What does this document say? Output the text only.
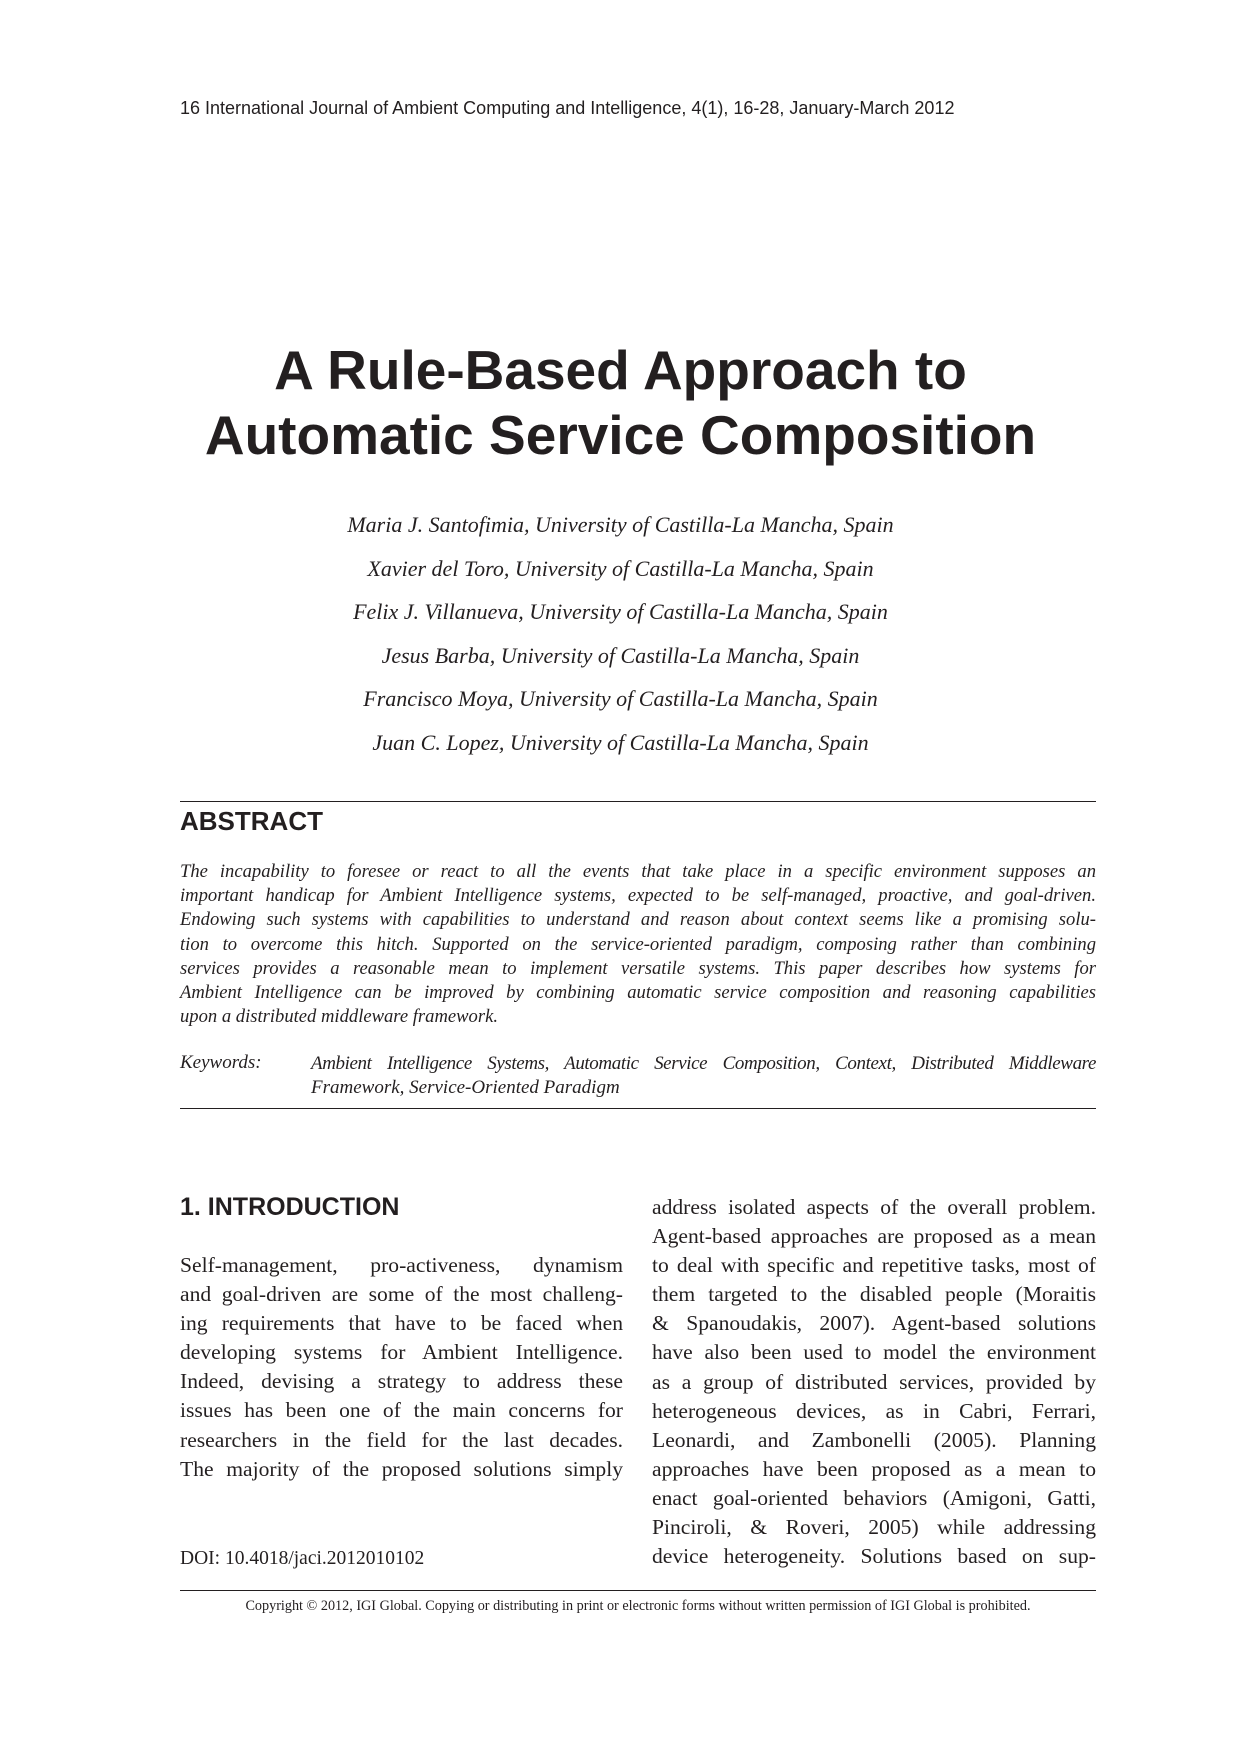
16 International Journal of Ambient Computing and Intelligence, 4(1), 16-28, January-March 2012
A Rule-Based Approach to
Automatic Service Composition
Maria J. Santofimia, University of Castilla-La Mancha, Spain
Xavier del Toro, University of Castilla-La Mancha, Spain
Felix J. Villanueva, University of Castilla-La Mancha, Spain
Jesus Barba, University of Castilla-La Mancha, Spain
Francisco Moya, University of Castilla-La Mancha, Spain
Juan C. Lopez, University of Castilla-La Mancha, Spain
ABSTRACT
The incapability to foresee or react to all the events that take place in a specific environment supposes an
important handicap for Ambient Intelligence systems, expected to be self-managed, proactive, and goal-driven.
Endowing such systems with capabilities to understand and reason about context seems like a promising solu-
tion to overcome this hitch. Supported on the service-oriented paradigm, composing rather than combining
services provides a reasonable mean to implement versatile systems. This paper describes how systems for
Ambient Intelligence can be improved by combining automatic service composition and reasoning capabilities
upon a distributed middleware framework.
Keywords:	Ambient Intelligence Systems, Automatic Service Composition, Context, Distributed Middleware
Framework, Service-Oriented Paradigm
1. INTRODUCTION
Self-management, pro-activeness, dynamism
and goal-driven are some of the most challeng-
ing requirements that have to be faced when
developing systems for Ambient Intelligence.
Indeed, devising a strategy to address these
issues has been one of the main concerns for
researchers in the field for the last decades.
The majority of the proposed solutions simply
address isolated aspects of the overall problem.
Agent-based approaches are proposed as a mean
to deal with specific and repetitive tasks, most of
them targeted to the disabled people (Moraitis
& Spanoudakis, 2007). Agent-based solutions
have also been used to model the environment
as a group of distributed services, provided by
heterogeneous devices, as in Cabri, Ferrari,
Leonardi, and Zambonelli (2005). Planning
approaches have been proposed as a mean to
enact goal-oriented behaviors (Amigoni, Gatti,
Pinciroli, & Roveri, 2005) while addressing
device heterogeneity. Solutions based on sup-
DOI: 10.4018/jaci.2012010102
Copyright © 2012, IGI Global. Copying or distributing in print or electronic forms without written permission of IGI Global is prohibited.
